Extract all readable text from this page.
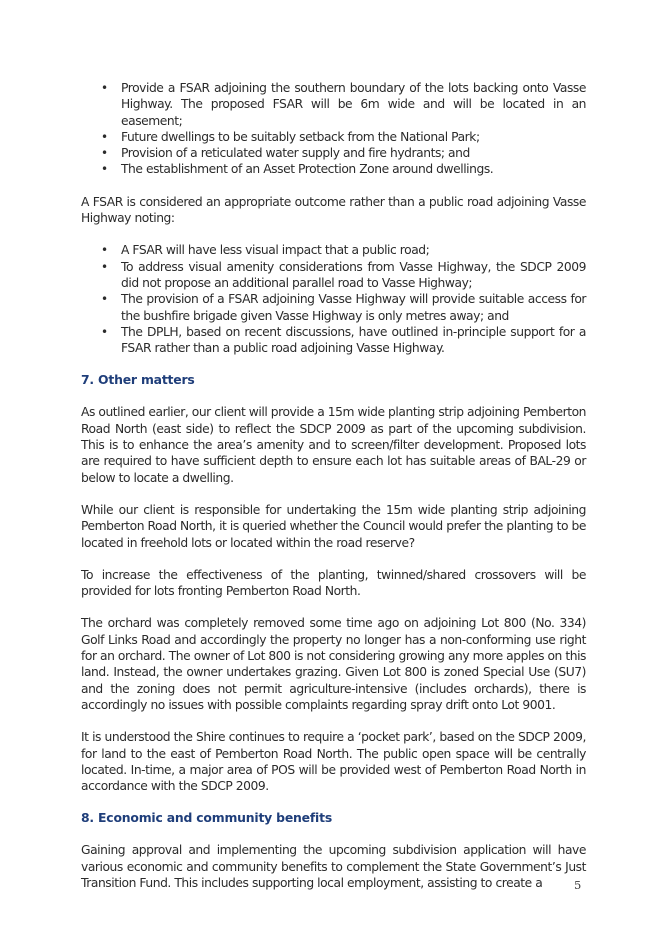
• Provide a FSAR adjoining the southern boundary of the lots backing onto Vasse Highway. The proposed FSAR will be 6m wide and will be located in an easement;
• Future dwellings to be suitably setback from the National Park;
• Provision of a reticulated water supply and fire hydrants; and
• The establishment of an Asset Protection Zone around dwellings.

A FSAR is considered an appropriate outcome rather than a public road adjoining Vasse Highway noting:

• A FSAR will have less visual impact that a public road;
• To address visual amenity considerations from Vasse Highway, the SDCP 2009 did not propose an additional parallel road to Vasse Highway;
• The provision of a FSAR adjoining Vasse Highway will provide suitable access for the bushfire brigade given Vasse Highway is only metres away; and
• The DPLH, based on recent discussions, have outlined in-principle support for a FSAR rather than a public road adjoining Vasse Highway.
7. Other matters

As outlined earlier, our client will provide a 15m wide planting strip adjoining Pemberton Road North (east side) to reflect the SDCP 2009 as part of the upcoming subdivision. This is to enhance the area’s amenity and to screen/filter development. Proposed lots are required to have sufficient depth to ensure each lot has suitable areas of BAL-29 or below to locate a dwelling.

While our client is responsible for undertaking the 15m wide planting strip adjoining Pemberton Road North, it is queried whether the Council would prefer the planting to be located in freehold lots or located within the road reserve?

To increase the effectiveness of the planting, twinned/shared crossovers will be provided for lots fronting Pemberton Road North.

The orchard was completely removed some time ago on adjoining Lot 800 (No. 334) Golf Links Road and accordingly the property no longer has a non-conforming use right for an orchard. The owner of Lot 800 is not considering growing any more apples on this land. Instead, the owner undertakes grazing. Given Lot 800 is zoned Special Use (SU7) and the zoning does not permit agriculture-intensive (includes orchards), there is accordingly no issues with possible complaints regarding spray drift onto Lot 9001.

It is understood the Shire continues to require a ‘pocket park’, based on the SDCP 2009, for land to the east of Pemberton Road North. The public open space will be centrally located. In-time, a major area of POS will be provided west of Pemberton Road North in accordance with the SDCP 2009.

8. Economic and community benefits

Gaining approval and implementing the upcoming subdivision application will have various economic and community benefits to complement the State Government’s Just Transition Fund. This includes supporting local employment, assisting to create a	5
